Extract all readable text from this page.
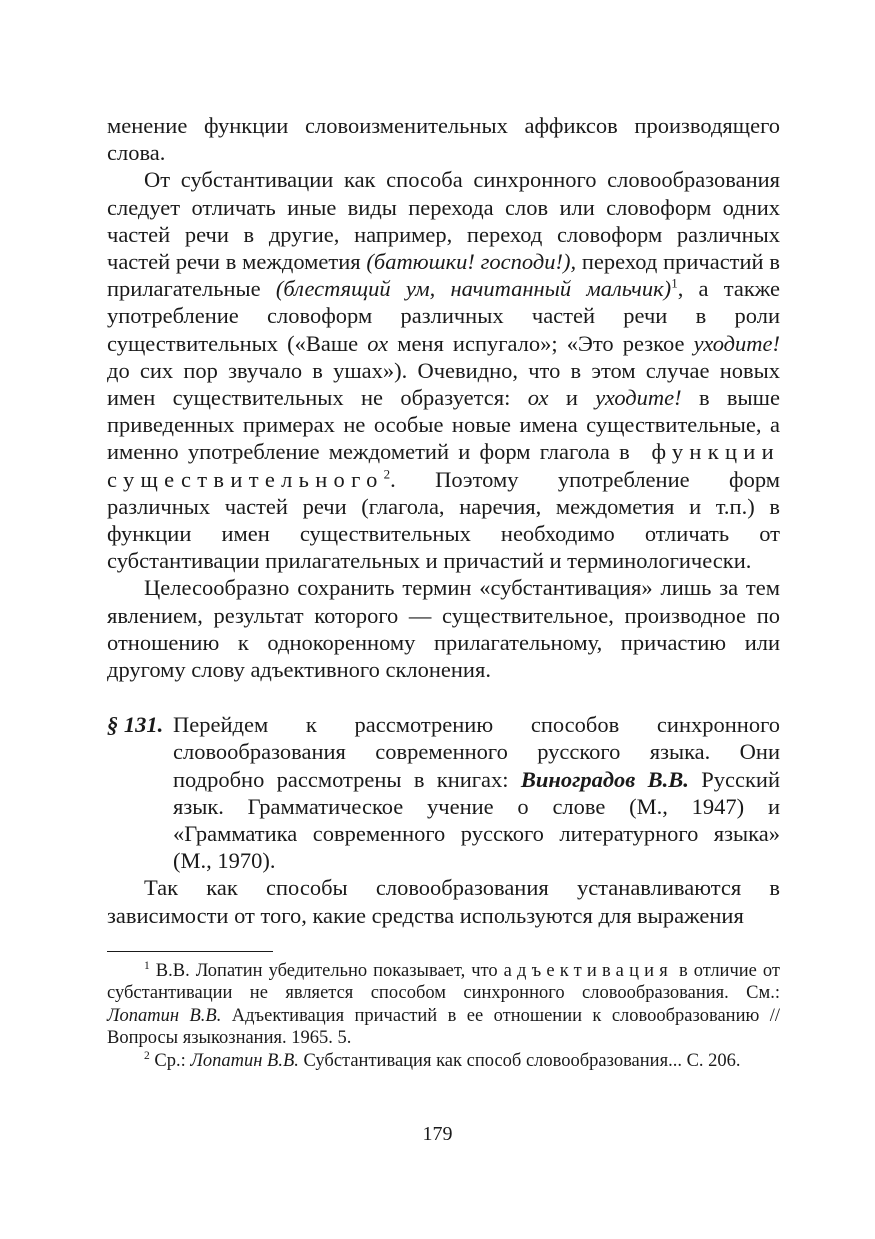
менение функции словоизменительных аффиксов производящего слова.

От субстантивации как способа синхронного словообразования следует отличать иные виды перехода слов или словоформ одних частей речи в другие, например, переход словоформ различных частей речи в междометия (батюшки! господи!), переход причастий в прилагательные (блестящий ум, начитанный мальчик)$^1$, а также употребление словоформ различных частей речи в роли существительных («Ваше ох меня испугало»; «Это резкое уходите! до сих пор звучало в ушах»). Очевидно, что в этом случае новых имен существительных не образуется: ох и уходите! в выше приведенных примерах не особые новые имена существительные, а именно употребление междометий и форм глагола в функции существительного$^2$. Поэтому употребление форм различных частей речи (глагола, наречия, междометия и т.п.) в функции имен существительных необходимо отличать от субстантивации прилагательных и причастий и терминологически.

Целесообразно сохранить термин «субстантивация» лишь за тем явлением, результат которого — существительное, производное по отношению к однокоренному прилагательному, причастию или другому слову адъективного склонения.

§ 131. Перейдем к рассмотрению способов синхронного словообразования современного русского языка. Они подробно рассмотрены в книгах: Виноградов В.В. Русский язык. Грамматическое учение о слове (М., 1947) и «Грамматика современного русского литературного языка» (М., 1970).

Так как способы словообразования устанавливаются в зависимости от того, какие средства используются для выражения

$^1$ В.В. Лопатин убедительно показывает, что адъективация в отличие от субстантивации не является способом синхронного словообразования. См.: Лопатин В.В. Адъективация причастий в ее отношении к словообразованию // Вопросы языкознания. 1965. 5.

$^2$ Ср.: Лопатин В.В. Субстантивация как способ словообразования... С. 206.

179
